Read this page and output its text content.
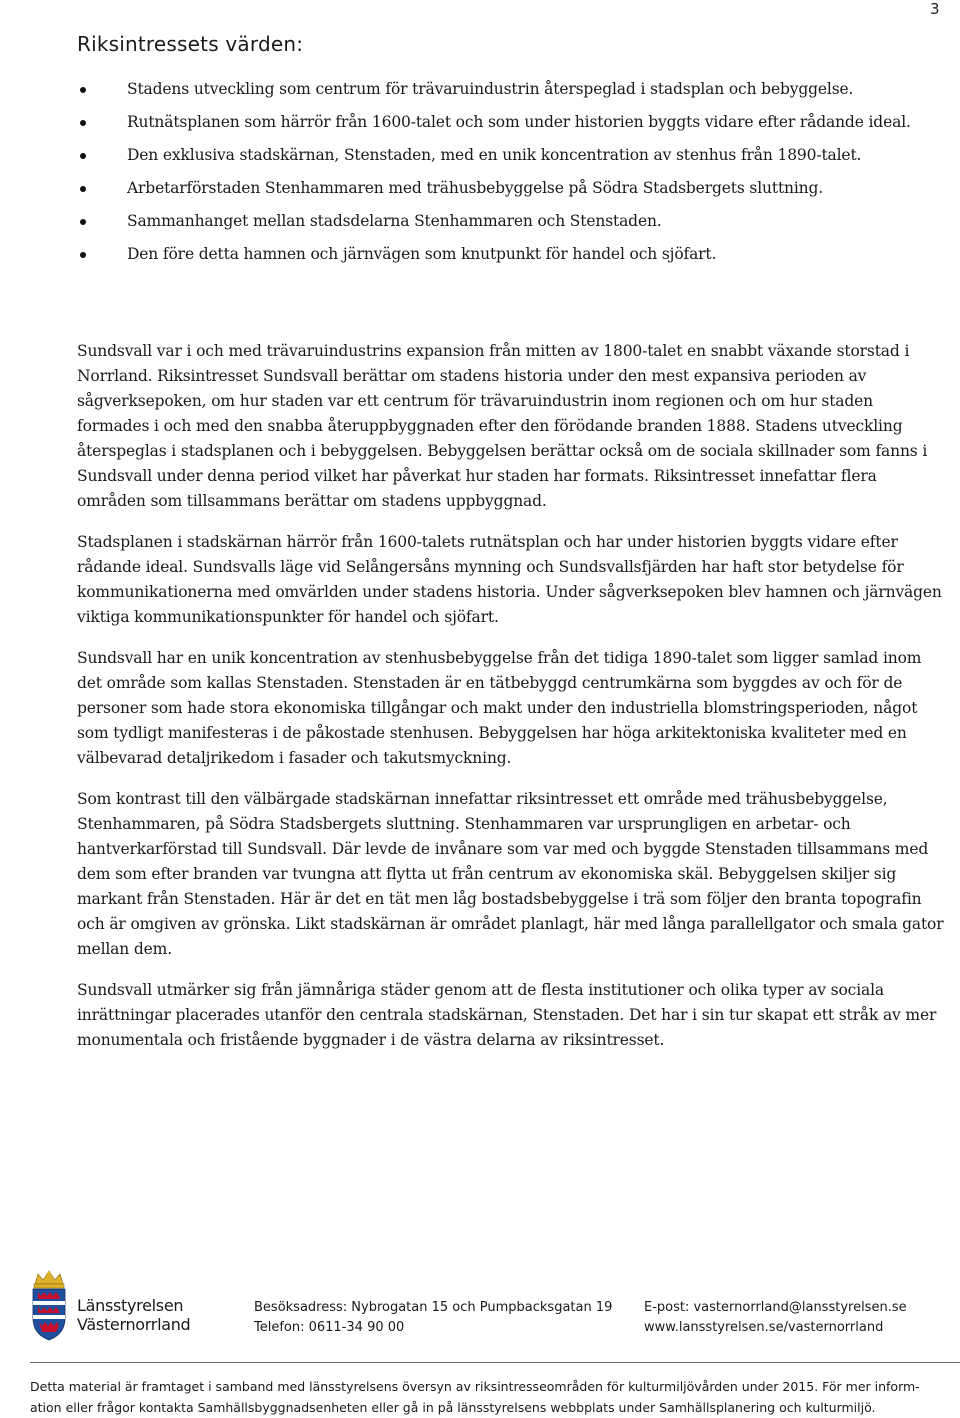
3
Riksintressets värden:
Stadens utveckling som centrum för trävaruindustrin återspeglad i stadsplan och bebyggelse.
Rutnätsplanen som härrör från 1600-talet och som under historien byggts vidare efter rådande ideal.
Den exklusiva stadskärnan, Stenstaden, med en unik koncentration av stenhus från 1890-talet.
Arbetarförstaden Stenhammaren med trähusbebyggelse på Södra Stadsbergets sluttning.
Sammanhanget mellan stadsdelarna Stenhammaren och Stenstaden.
Den före detta hamnen och järnvägen som knutpunkt för handel och sjöfart.

Sundsvall var i och med trävaruindustrins expansion från mitten av 1800-talet en snabbt växande storstad i Norrland. Riksintresset Sundsvall berättar om stadens historia under den mest expansiva perioden av sågverksepoken, om hur staden var ett centrum för trävaruindustrin inom regionen och om hur staden formades i och med den snabba återuppbyggnaden efter den förödande branden 1888. Stadens utveckling återspeglas i stadsplanen och i bebyggelsen. Bebyggelsen berättar också om de sociala skillnader som fanns i Sundsvall under denna period vilket har påverkat hur staden har formats. Riksintresset innefattar flera områden som tillsammans berättar om stadens uppbyggnad.

Stadsplanen i stadskärnan härrör från 1600-talets rutnätsplan och har under historien byggts vidare efter rådande ideal. Sundsvalls läge vid Selångersåns mynning och Sundsvallsfjärden har haft stor betydelse för kommunikationerna med omvärlden under stadens historia. Under sågverksepoken blev hamnen och järnvägen viktiga kommunikationspunkter för handel och sjöfart.

Sundsvall har en unik koncentration av stenhusbebyggelse från det tidiga 1890-talet som ligger samlad inom det område som kallas Stenstaden. Stenstaden är en tätbebyggd centrumkärna som byggdes av och för de personer som hade stora ekonomiska tillgångar och makt under den industriella blomstringsperioden, något som tydligt manifesteras i de påkostade stenhusen. Bebyggelsen har höga arkitektoniska kvaliteter med en välbevarad detaljrikedom i fasader och takutsmyckning.

Som kontrast till den välbärgade stadskärnan innefattar riksintresset ett område med trähusbebyggelse, Stenhammaren, på Södra Stadsbergets sluttning. Stenhammaren var ursprungligen en arbetar- och hantverkarförstad till Sundsvall. Där levde de invånare som var med och byggde Stenstaden tillsammans med dem som efter branden var tvungna att flytta ut från centrum av ekonomiska skäl. Bebyggelsen skiljer sig markant från Stenstaden. Här är det en tät men låg bostadsbebyggelse i trä som följer den branta topografin och är omgiven av grönska. Likt stadskärnan är området planlagt, här med långa parallellgator och smala gator mellan dem.

Sundsvall utmärker sig från jämnåriga städer genom att de flesta institutioner och olika typer av sociala inrättningar placerades utanför den centrala stadskärnan, Stenstaden. Det har i sin tur skapat ett stråk av mer monumentala och fristående byggnader i de västra delarna av riksintresset.

Länsstyrelsen
Västernorrland
Besöksadress: Nybrogatan 15 och Pumpbacksgatan 19
Telefon: 0611-34 90 00
E-post: vasternorrland@lansstyrelsen.se
www.lansstyrelsen.se/vasternorrland

Detta material är framtaget i samband med länsstyrelsens översyn av riksintresseområden för kulturmiljövården under 2015. För mer inform-
ation eller frågor kontakta Samhällsbyggnadsenheten eller gå in på länsstyrelsens webbplats under Samhällsplanering och kulturmiljö.
